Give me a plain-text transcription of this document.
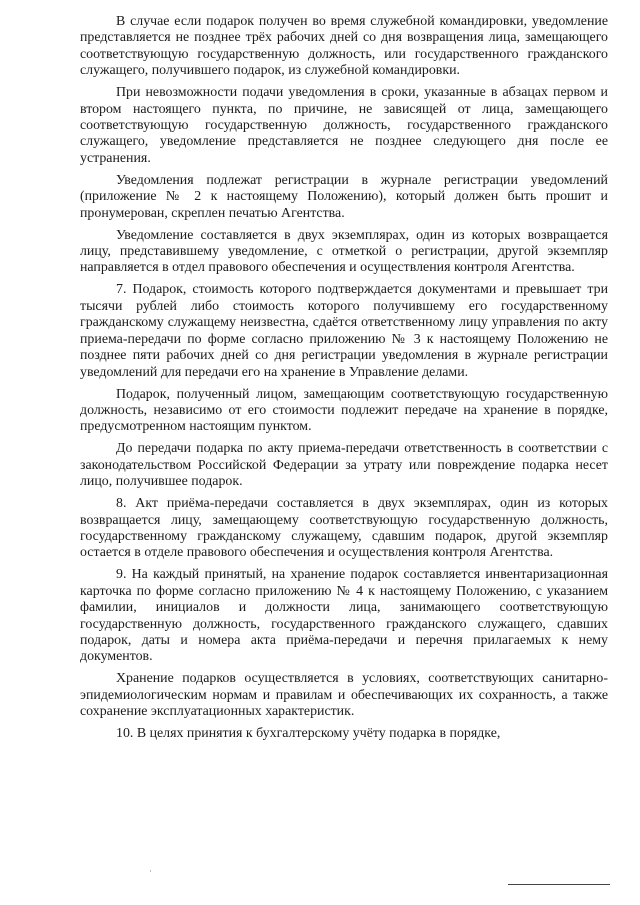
В случае если подарок получен во время служебной командировки, уведомление представляется не позднее трёх рабочих дней со дня возвращения лица, замещающего соответствующую государственную должность, или государственного гражданского служащего, получившего подарок, из служебной командировки.

При невозможности подачи уведомления в сроки, указанные в абзацах первом и втором настоящего пункта, по причине, не зависящей от лица, замещающего соответствующую государственную должность, государственного гражданского служащего, уведомление представляется не позднее следующего дня после ее устранения.

Уведомления подлежат регистрации в журнале регистрации уведомлений (приложение № 2 к настоящему Положению), который должен быть прошит и пронумерован, скреплен печатью Агентства.

Уведомление составляется в двух экземплярах, один из которых возвращается лицу, представившему уведомление, с отметкой о регистрации, другой экземпляр направляется в отдел правового обеспечения и осуществления контроля Агентства.

7. Подарок, стоимость которого подтверждается документами и превышает три тысячи рублей либо стоимость которого получившему его государственному гражданскому служащему неизвестна, сдаётся ответственному лицу управления по акту приема-передачи по форме согласно приложению № 3 к настоящему Положению не позднее пяти рабочих дней со дня регистрации уведомления в журнале регистрации уведомлений для передачи его на хранение в Управление делами.

Подарок, полученный лицом, замещающим соответствующую государственную должность, независимо от его стоимости подлежит передаче на хранение в порядке, предусмотренном настоящим пунктом.

До передачи подарка по акту приема-передачи ответственность в соответствии с законодательством Российской Федерации за утрату или повреждение подарка несет лицо, получившее подарок.

8. Акт приёма-передачи составляется в двух экземплярах, один из которых возвращается лицу, замещающему соответствующую государственную должность, государственному гражданскому служащему, сдавшим подарок, другой экземпляр остается в отделе правового обеспечения и осуществления контроля Агентства.

9. На каждый принятый, на хранение подарок составляется инвентаризационная карточка по форме согласно приложению № 4 к настоящему Положению, с указанием фамилии, инициалов и должности лица, занимающего соответствующую государственную должность, государственного гражданского служащего, сдавших подарок, даты и номера акта приёма-передачи и перечня прилагаемых к нему документов.

Хранение подарков осуществляется в условиях, соответствующих санитарно-эпидемиологическим нормам и правилам и обеспечивающих их сохранность, а также сохранение эксплуатационных характеристик.

10. В целях принятия к бухгалтерскому учёту подарка в порядке,
